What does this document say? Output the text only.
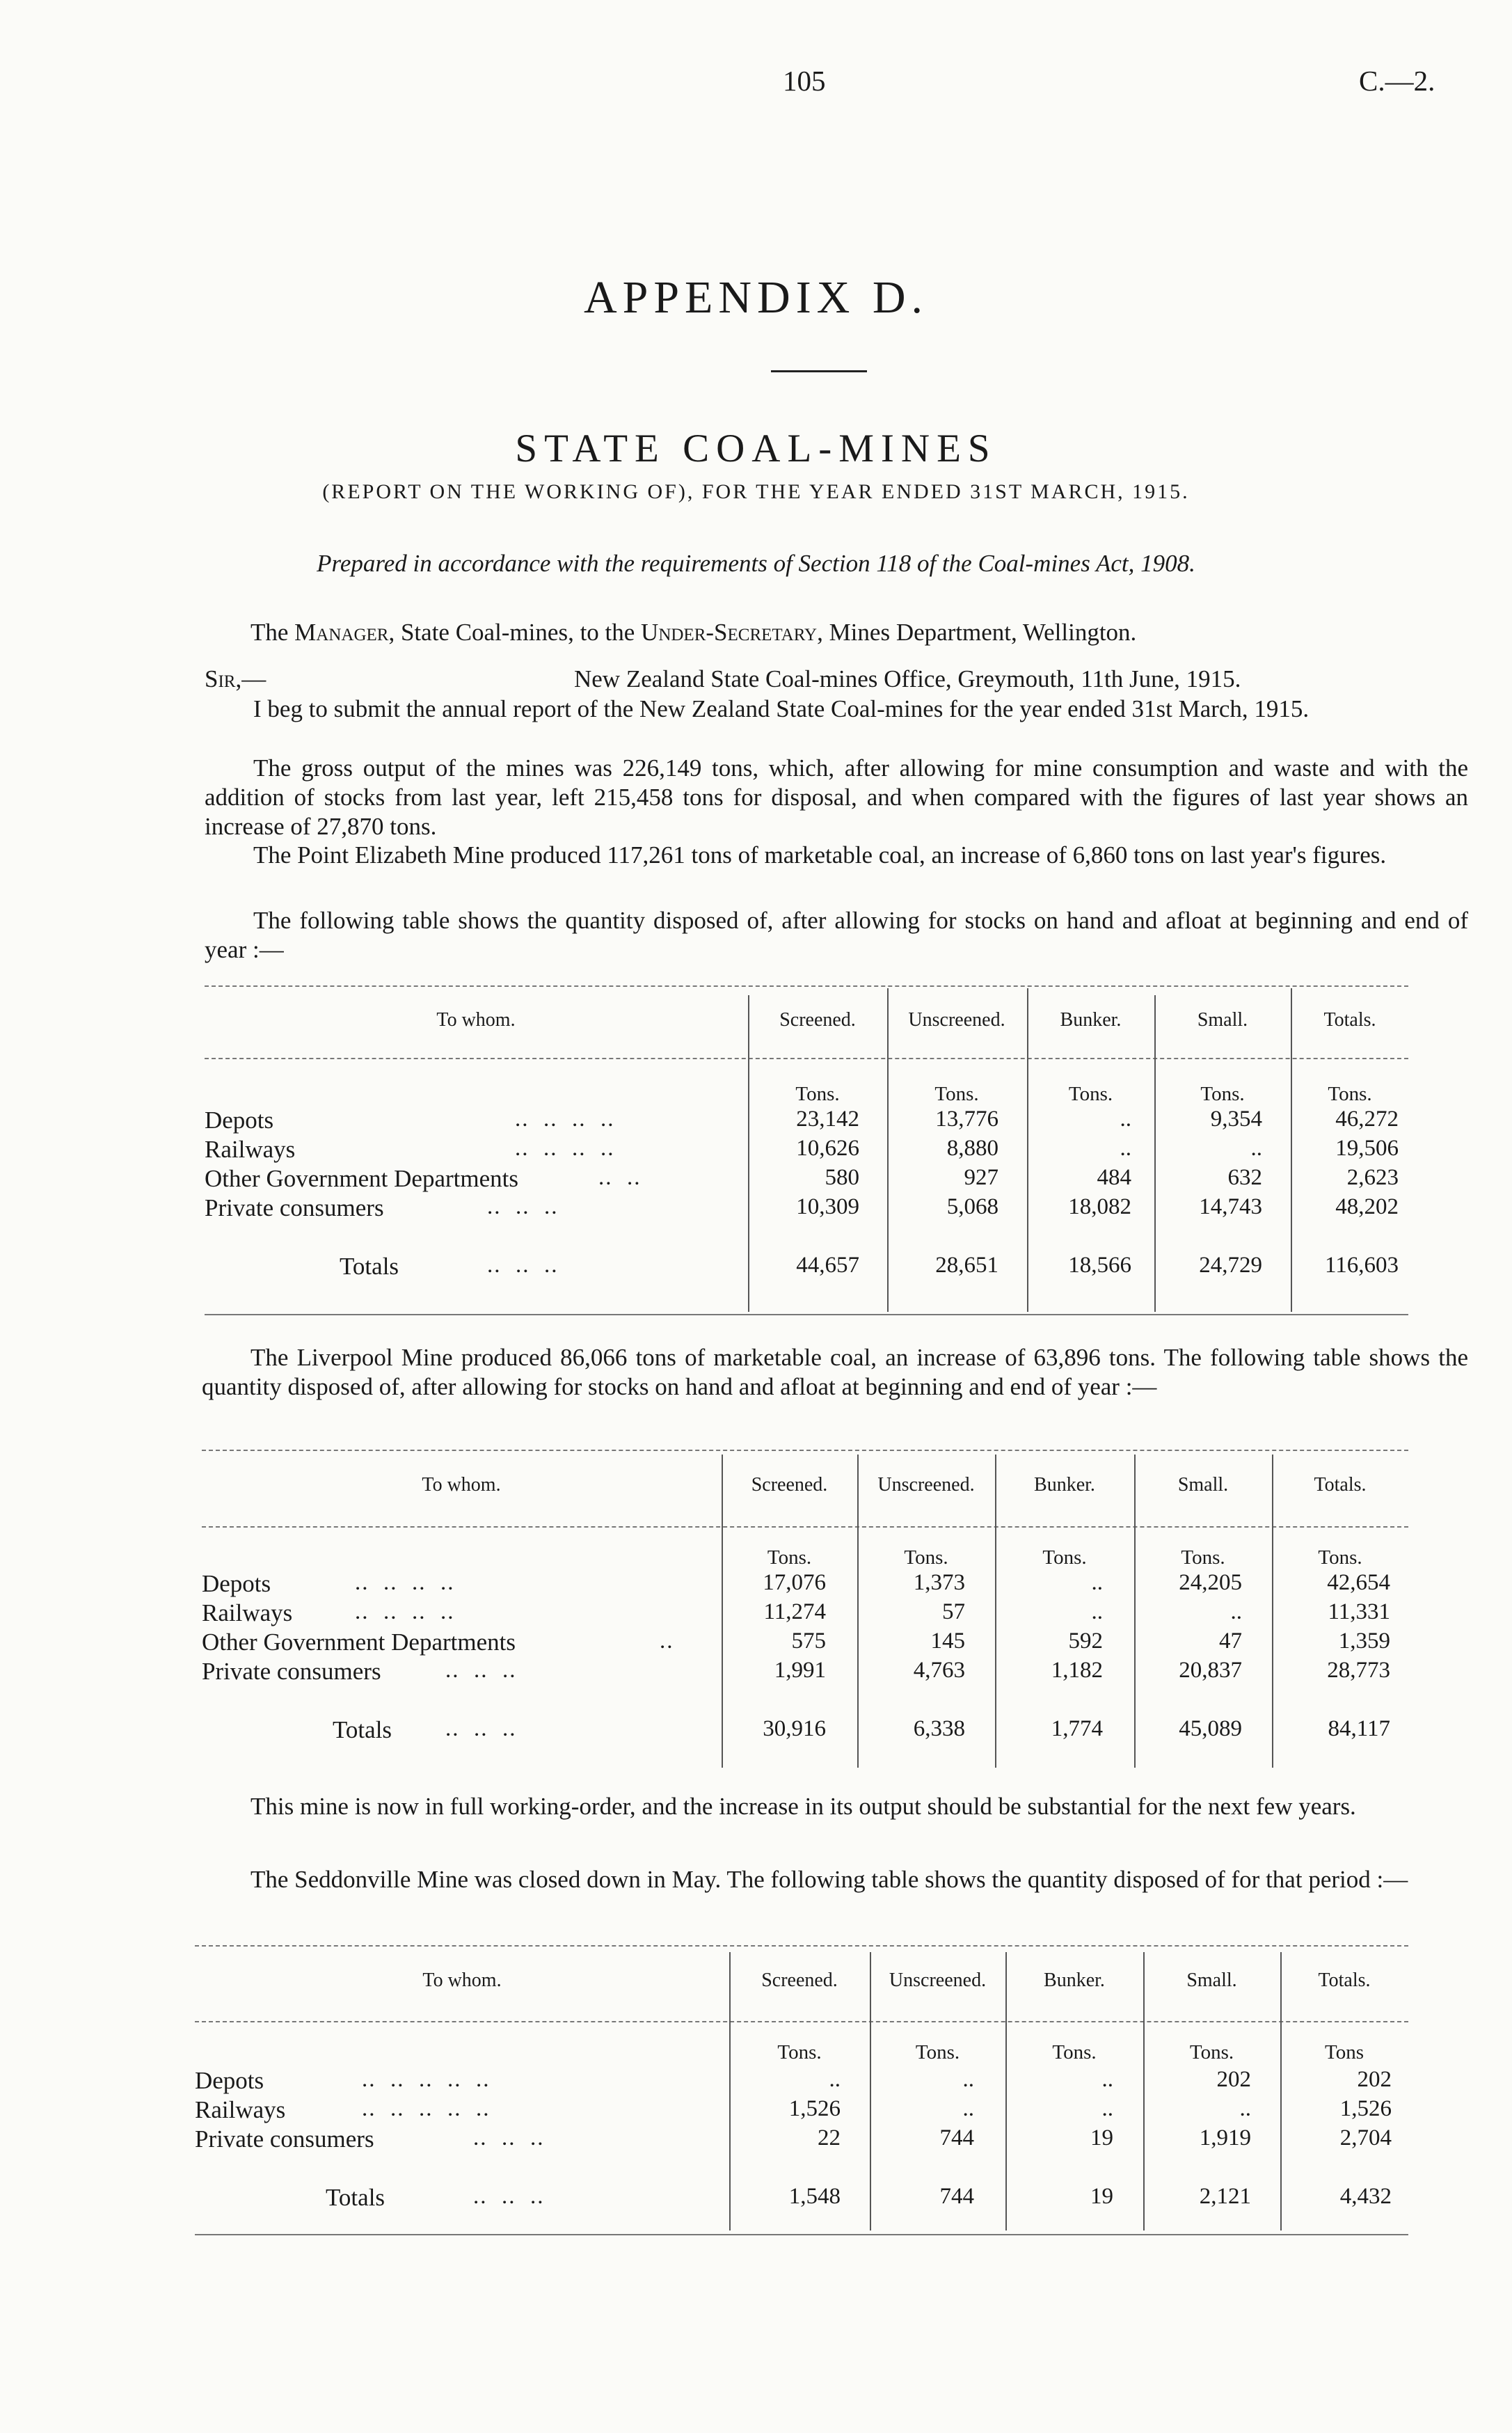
105	C.—2.
APPENDIX D.
STATE COAL-MINES
(REPORT ON THE WORKING OF), FOR THE YEAR ENDED 31ST MARCH, 1915.
Prepared in accordance with the requirements of Section 118 of the Coal-mines Act, 1908.
The Manager, State Coal-mines, to the Under-Secretary, Mines Department, Wellington.
Sir,—	New Zealand State Coal-mines Office, Greymouth, 11th June, 1915.
I beg to submit the annual report of the New Zealand State Coal-mines for the year ended 31st March, 1915.
The gross output of the mines was 226,149 tons, which, after allowing for mine consumption and waste and with the addition of stocks from last year, left 215,458 tons for disposal, and when compared with the figures of last year shows an increase of 27,870 tons.
The Point Elizabeth Mine produced 117,261 tons of marketable coal, an increase of 6,860 tons on last year's figures.
The following table shows the quantity disposed of, after allowing for stocks on hand and afloat at beginning and end of year :—
To whom.	Screened.	Unscreened.	Bunker.	Small.	Totals.
Tons.	Tons.	Tons.	Tons.	Tons.
Depots	..  ..  ..  ..	23,142	13,776	..	9,354	46,272
Railways	..  ..  ..  ..	10,626	8,880	..	..	19,506
Other Government Departments	..  ..	580	927	484	632	2,623
Private consumers	..  ..  ..	10,309	5,068	18,082	14,743	48,202
Totals	..  ..  ..	44,657	28,651	18,566	24,729	116,603
The Liverpool Mine produced 86,066 tons of marketable coal, an increase of 63,896 tons. The following table shows the quantity disposed of, after allowing for stocks on hand and afloat at beginning and end of year :—
To whom.	Screened.	Unscreened.	Bunker.	Small.	Totals.
Tons.	Tons.	Tons.	Tons.	Tons.
Depots	..  ..  ..  ..	17,076	1,373	..	24,205	42,654
Railways	..  ..  ..  ..	11,274	57	..	..	11,331
Other Government Departments	..	575	145	592	47	1,359
Private consumers	..  ..  ..	1,991	4,763	1,182	20,837	28,773
Totals ..  ..  ..	30,916	6,338	1,774	45,089	84,117
This mine is now in full working-order, and the increase in its output should be substantial for the next few years.
The Seddonville Mine was closed down in May. The following table shows the quantity disposed of for that period :—
To whom.	Screened.	Unscreened.	Bunker.	Small.	Totals.
Tons.	Tons.	Tons.	Tons.	Tons
Depots	..  ..  ..  ..  ..	..	..	..	202	202
Railways	..  ..  ..  ..  ..	1,526	..	..	..	1,526
Private consumers	..  ..  ..	22	744	19	1,919	2,704
Totals	..  ..  ..	1,548	744	19	2,121	4,432
